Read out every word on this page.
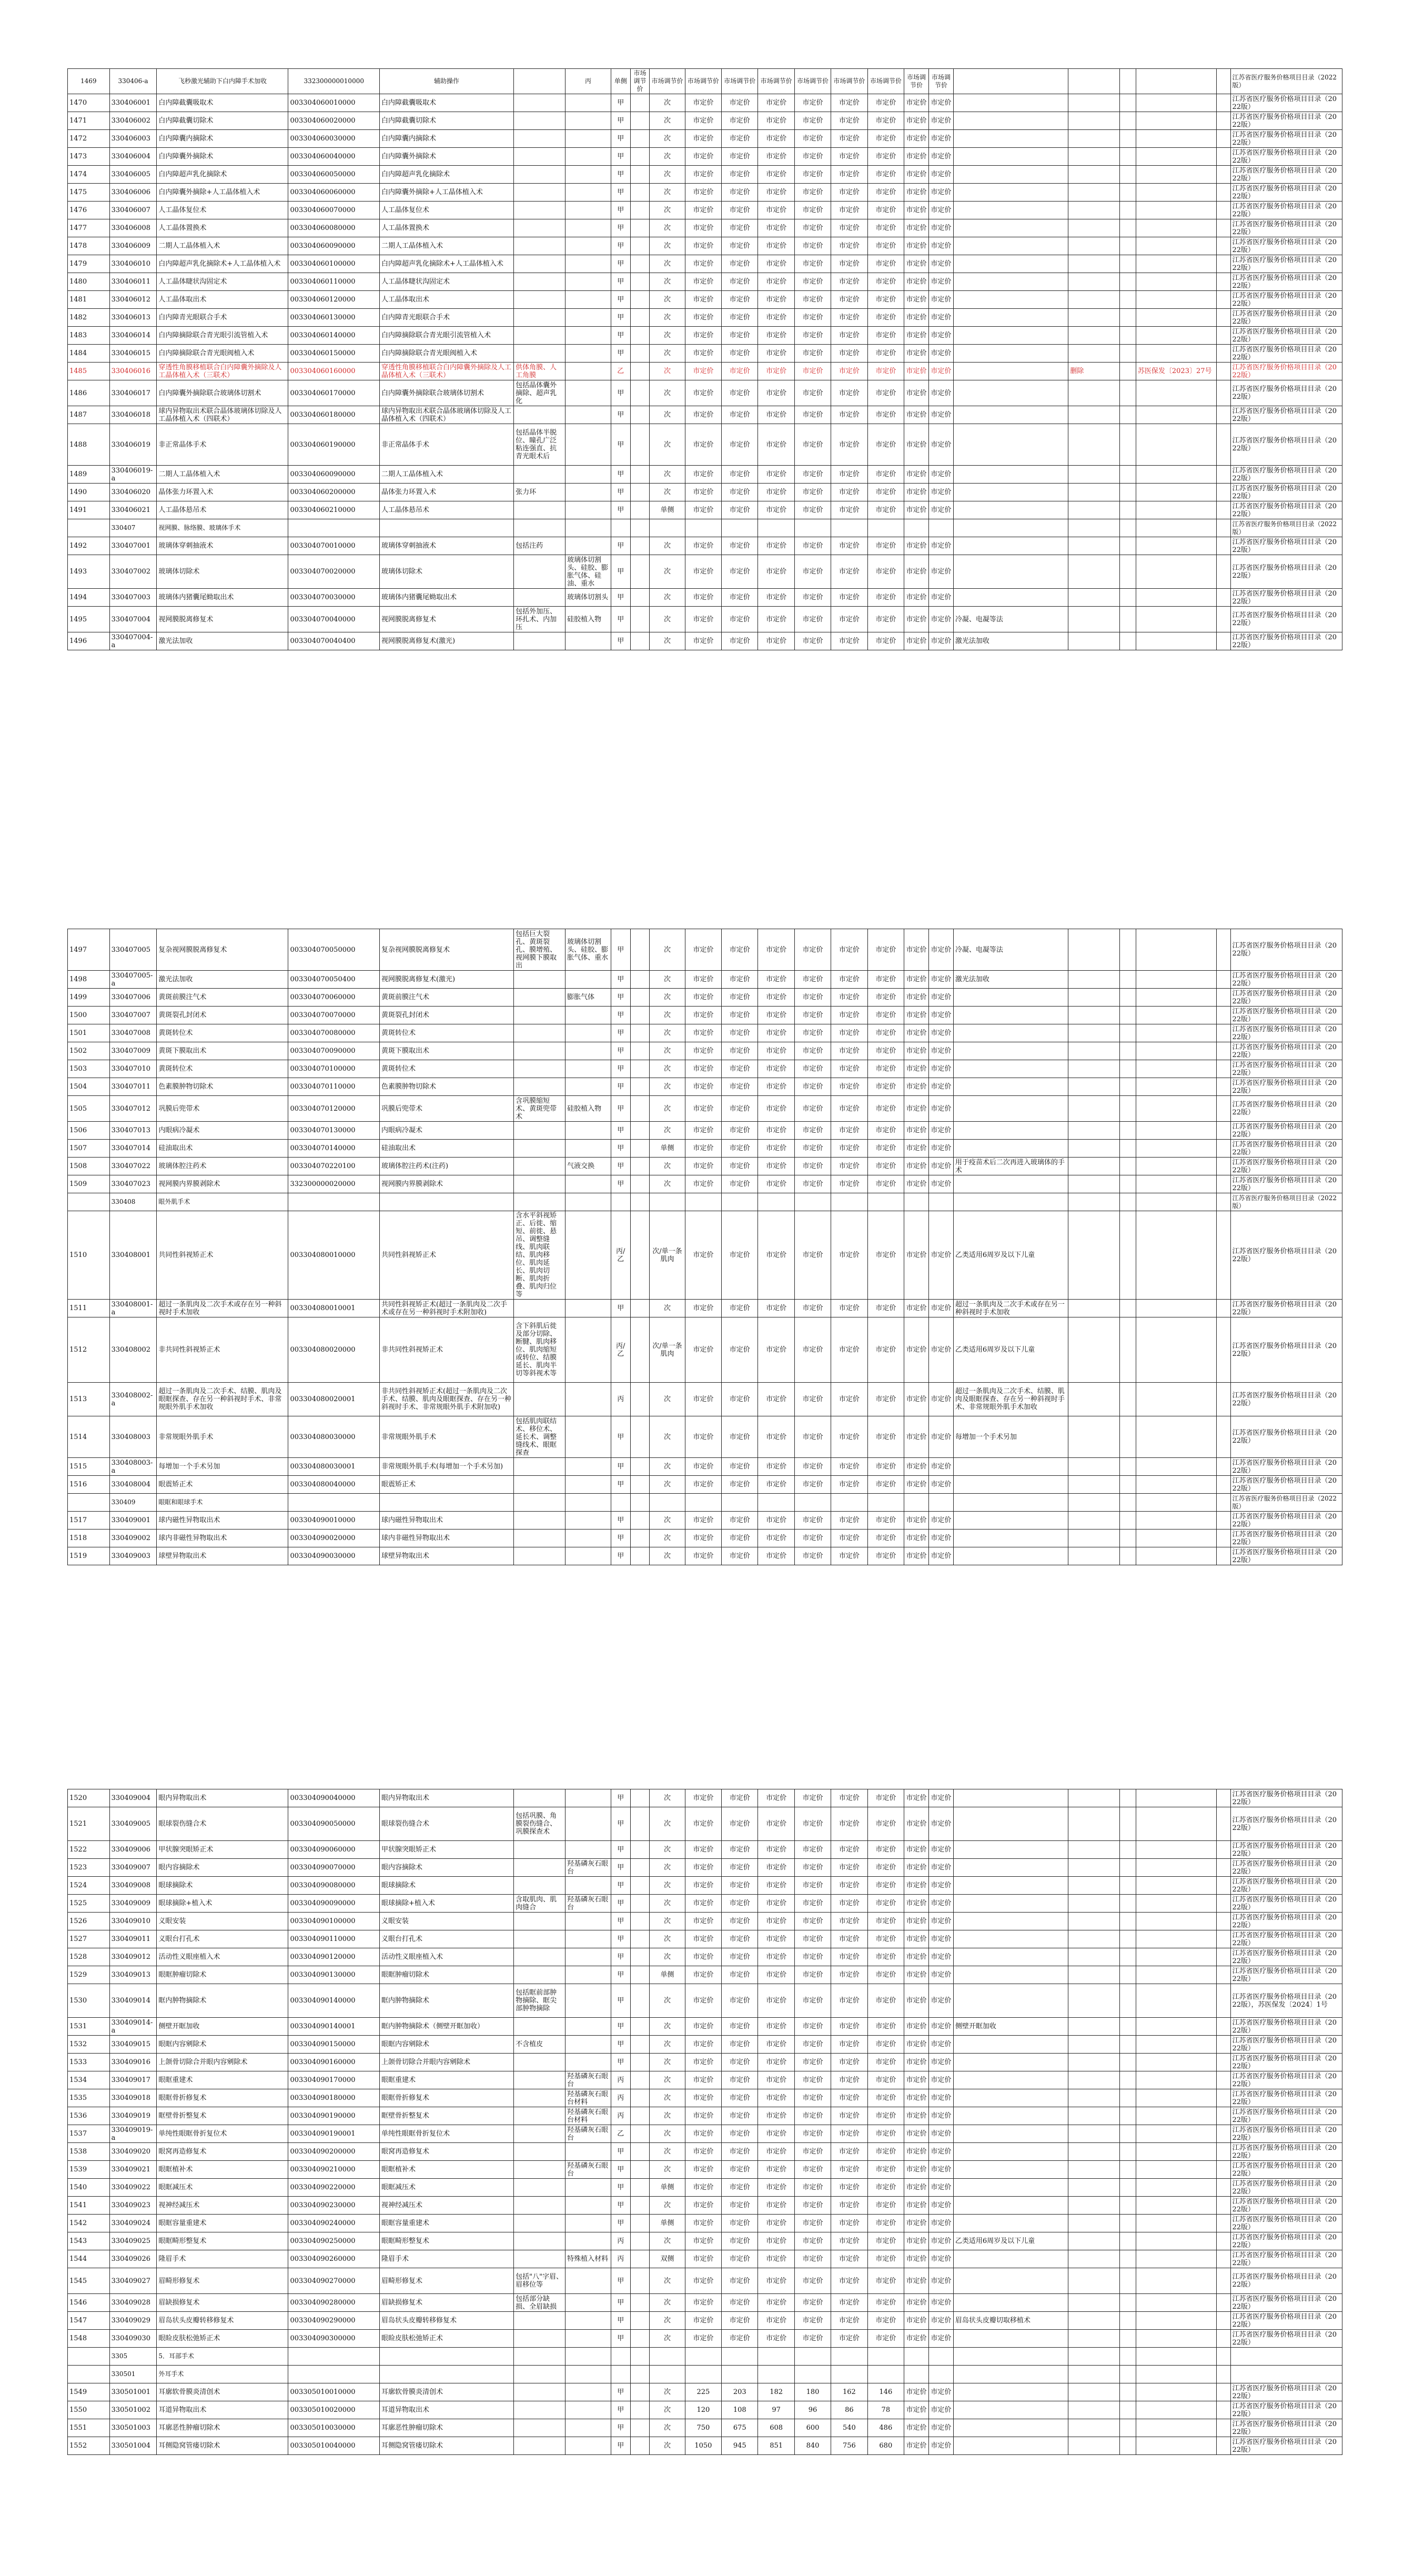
1469	330406-a	飞秒激光辅助下白内障手术加收	332300000010000	辅助操作		丙	单侧	市场调节价	市场调节价	市场调节价	市场调节价	市场调节价	市场调节价	市场调节价	市场调节价	市场调节价	市场调节价						江苏省医疗服务价格项目目录（2022版）
1470	330406001	白内障截囊吸取术	003304060010000	白内障截囊吸取术			甲		次	市定价	市定价	市定价	市定价	市定价	市定价	市定价	市定价						江苏省医疗服务价格项目目录（2022版）
1471	330406002	白内障截囊切除术	003304060020000	白内障截囊切除术			甲		次	市定价	市定价	市定价	市定价	市定价	市定价	市定价	市定价						江苏省医疗服务价格项目目录（2022版）
1472	330406003	白内障囊内摘除术	003304060030000	白内障囊内摘除术			甲		次	市定价	市定价	市定价	市定价	市定价	市定价	市定价	市定价						江苏省医疗服务价格项目目录（2022版）
1473	330406004	白内障囊外摘除术	003304060040000	白内障囊外摘除术			甲		次	市定价	市定价	市定价	市定价	市定价	市定价	市定价	市定价						江苏省医疗服务价格项目目录（2022版）
1474	330406005	白内障超声乳化摘除术	003304060050000	白内障超声乳化摘除术			甲		次	市定价	市定价	市定价	市定价	市定价	市定价	市定价	市定价						江苏省医疗服务价格项目目录（2022版）
1475	330406006	白内障囊外摘除+人工晶体植入术	003304060060000	白内障囊外摘除+人工晶体植入术			甲		次	市定价	市定价	市定价	市定价	市定价	市定价	市定价	市定价						江苏省医疗服务价格项目目录（2022版）
1476	330406007	人工晶体复位术	003304060070000	人工晶体复位术			甲		次	市定价	市定价	市定价	市定价	市定价	市定价	市定价	市定价						江苏省医疗服务价格项目目录（2022版）
1477	330406008	人工晶体置换术	003304060080000	人工晶体置换术			甲		次	市定价	市定价	市定价	市定价	市定价	市定价	市定价	市定价						江苏省医疗服务价格项目目录（2022版）
1478	330406009	二期人工晶体植入术	003304060090000	二期人工晶体植入术			甲		次	市定价	市定价	市定价	市定价	市定价	市定价	市定价	市定价						江苏省医疗服务价格项目目录（2022版）
1479	330406010	白内障超声乳化摘除术+人工晶体植入术	003304060100000	白内障超声乳化摘除术+人工晶体植入术			甲		次	市定价	市定价	市定价	市定价	市定价	市定价	市定价	市定价						江苏省医疗服务价格项目目录（2022版）
1480	330406011	人工晶体睫状沟固定术	003304060110000	人工晶体睫状沟固定术			甲		次	市定价	市定价	市定价	市定价	市定价	市定价	市定价	市定价						江苏省医疗服务价格项目目录（2022版）
1481	330406012	人工晶体取出术	003304060120000	人工晶体取出术			甲		次	市定价	市定价	市定价	市定价	市定价	市定价	市定价	市定价						江苏省医疗服务价格项目目录（2022版）
1482	330406013	白内障青光眼联合手术	003304060130000	白内障青光眼联合手术			甲		次	市定价	市定价	市定价	市定价	市定价	市定价	市定价	市定价						江苏省医疗服务价格项目目录（2022版）
1483	330406014	白内障摘除联合青光眼引流管植入术	003304060140000	白内障摘除联合青光眼引流管植入术			甲		次	市定价	市定价	市定价	市定价	市定价	市定价	市定价	市定价						江苏省医疗服务价格项目目录（2022版）
1484	330406015	白内障摘除联合青光眼阀植入术	003304060150000	白内障摘除联合青光眼阀植入术			甲		次	市定价	市定价	市定价	市定价	市定价	市定价	市定价	市定价						江苏省医疗服务价格项目目录（2022版）
1485	330406016	穿透性角膜移植联合白内障囊外摘除及人工晶体植入术（三联术）	003304060160000	穿透性角膜移植联合白内障囊外摘除及人工晶体植入术（三联术）	供体角膜、人工角膜		乙		次	市定价	市定价	市定价	市定价	市定价	市定价	市定价	市定价		删除		苏医保发〔2023〕27号		江苏省医疗服务价格项目目录（2022版）
1486	330406017	白内障囊外摘除联合玻璃体切割术	003304060170000	白内障囊外摘除联合玻璃体切割术	包括晶体囊外摘除、超声乳化		甲		次	市定价	市定价	市定价	市定价	市定价	市定价	市定价	市定价						江苏省医疗服务价格项目目录（2022版）
1487	330406018	球内异物取出术联合晶体玻璃体切除及人工晶体植入术（四联术）	003304060180000	球内异物取出术联合晶体玻璃体切除及人工晶体植入术（四联术）			甲		次	市定价	市定价	市定价	市定价	市定价	市定价	市定价	市定价						江苏省医疗服务价格项目目录（2022版）
1488	330406019	非正常晶体手术	003304060190000	非正常晶体手术	包括晶体半脱位、瞳孔广泛粘连强直、抗青光眼术后		甲		次	市定价	市定价	市定价	市定价	市定价	市定价	市定价	市定价						江苏省医疗服务价格项目目录（2022版）
1489	330406019-a	二期人工晶体植入术	003304060090000	二期人工晶体植入术			甲		次	市定价	市定价	市定价	市定价	市定价	市定价	市定价	市定价						江苏省医疗服务价格项目目录（2022版）
1490	330406020	晶体张力环置入术	003304060200000	晶体张力环置入术	张力环		甲		次	市定价	市定价	市定价	市定价	市定价	市定价	市定价	市定价						江苏省医疗服务价格项目目录（2022版）
1491	330406021	人工晶体悬吊术	003304060210000	人工晶体悬吊术			甲		单侧	市定价	市定价	市定价	市定价	市定价	市定价	市定价	市定价						江苏省医疗服务价格项目目录（2022版）
	330407	视网膜、脉络膜、玻璃体手术																					江苏省医疗服务价格项目目录（2022版）
1492	330407001	玻璃体穿刺抽液术	003304070010000	玻璃体穿刺抽液术	包括注药		甲		次	市定价	市定价	市定价	市定价	市定价	市定价	市定价	市定价						江苏省医疗服务价格项目目录（2022版）
1493	330407002	玻璃体切除术	003304070020000	玻璃体切除术		玻璃体切割头、硅胶、膨胀气体、硅油、重水	甲		次	市定价	市定价	市定价	市定价	市定价	市定价	市定价	市定价						江苏省医疗服务价格项目目录（2022版）
1494	330407003	玻璃体内猪囊尾蚴取出术	003304070030000	玻璃体内猪囊尾蚴取出术		玻璃体切割头	甲		次	市定价	市定价	市定价	市定价	市定价	市定价	市定价	市定价						江苏省医疗服务价格项目目录（2022版）
1495	330407004	视网膜脱离修复术	003304070040000	视网膜脱离修复术	包括外加压、环扎术、内加压	硅胶植入物	甲		次	市定价	市定价	市定价	市定价	市定价	市定价	市定价	市定价	冷凝、电凝等法					江苏省医疗服务价格项目目录（2022版）
1496	330407004-a	激光法加收	003304070040400	视网膜脱离修复术(激光)			甲		次	市定价	市定价	市定价	市定价	市定价	市定价	市定价	市定价	激光法加收					江苏省医疗服务价格项目目录（2022版）
1497	330407005	复杂视网膜脱离修复术	003304070050000	复杂视网膜脱离修复术	包括巨大裂孔、黄斑裂孔、膜增殖、视网膜下膜取出	玻璃体切割头、硅胶、膨胀气体、重水	甲		次	市定价	市定价	市定价	市定价	市定价	市定价	市定价	市定价	冷凝、电凝等法					江苏省医疗服务价格项目目录（2022版）
1498	330407005-a	激光法加收	003304070050400	视网膜脱离修复术(激光)			甲		次	市定价	市定价	市定价	市定价	市定价	市定价	市定价	市定价	激光法加收					江苏省医疗服务价格项目目录（2022版）
1499	330407006	黄斑前膜注气术	003304070060000	黄斑前膜注气术		膨胀气体	甲		次	市定价	市定价	市定价	市定价	市定价	市定价	市定价	市定价						江苏省医疗服务价格项目目录（2022版）
1500	330407007	黄斑裂孔封闭术	003304070070000	黄斑裂孔封闭术			甲		次	市定价	市定价	市定价	市定价	市定价	市定价	市定价	市定价						江苏省医疗服务价格项目目录（2022版）
1501	330407008	黄斑转位术	003304070080000	黄斑转位术			甲		次	市定价	市定价	市定价	市定价	市定价	市定价	市定价	市定价						江苏省医疗服务价格项目目录（2022版）
1502	330407009	黄斑下膜取出术	003304070090000	黄斑下膜取出术			甲		次	市定价	市定价	市定价	市定价	市定价	市定价	市定价	市定价						江苏省医疗服务价格项目目录（2022版）
1503	330407010	黄斑转位术	003304070100000	黄斑转位术			甲		次	市定价	市定价	市定价	市定价	市定价	市定价	市定价	市定价						江苏省医疗服务价格项目目录（2022版）
1504	330407011	色素膜肿物切除术	003304070110000	色素膜肿物切除术			甲		次	市定价	市定价	市定价	市定价	市定价	市定价	市定价	市定价						江苏省医疗服务价格项目目录（2022版）
1505	330407012	巩膜后兜带术	003304070120000	巩膜后兜带术	含巩膜缩短术、黄斑兜带术	硅胶植入物	甲		次	市定价	市定价	市定价	市定价	市定价	市定价	市定价	市定价						江苏省医疗服务价格项目目录（2022版）
1506	330407013	内眼病冷凝术	003304070130000	内眼病冷凝术			甲		次	市定价	市定价	市定价	市定价	市定价	市定价	市定价	市定价						江苏省医疗服务价格项目目录（2022版）
1507	330407014	硅油取出术	003304070140000	硅油取出术			甲		单侧	市定价	市定价	市定价	市定价	市定价	市定价	市定价	市定价						江苏省医疗服务价格项目目录（2022版）
1508	330407022	玻璃体腔注药术	003304070220100	玻璃体腔注药术(注药)		气液交换	甲		次	市定价	市定价	市定价	市定价	市定价	市定价	市定价	市定价	用于疫苗术后二次再进入玻璃体的手术					江苏省医疗服务价格项目目录（2022版）
1509	330407023	视网膜内界膜剥除术	332300000020000	视网膜内界膜剥除术			甲		次	市定价	市定价	市定价	市定价	市定价	市定价	市定价	市定价						江苏省医疗服务价格项目目录（2022版）
	330408	眼外肌手术																					江苏省医疗服务价格项目目录（2022版）
1510	330408001	共同性斜视矫正术	003304080010000	共同性斜视矫正术	含水平斜视矫正、后徙、缩短、前徙、悬吊、调整缝线、肌肉联结、肌肉移位、肌肉延长、肌肉切断、肌肉折叠、肌肉归位等		丙/乙		次/单一条肌肉	市定价	市定价	市定价	市定价	市定价	市定价	市定价	市定价	乙类适用6周岁及以下儿童					江苏省医疗服务价格项目目录（2022版）
1511	330408001-a	超过一条肌肉及二次手术或存在另一种斜视时手术加收	003304080010001	共同性斜视矫正术(超过一条肌肉及二次手术或存在另一种斜视时手术附加收)			甲		次	市定价	市定价	市定价	市定价	市定价	市定价	市定价	市定价	超过一条肌肉及二次手术或存在另一种斜视时手术加收					江苏省医疗服务价格项目目录（2022版）
1512	330408002	非共同性斜视矫正术	003304080020000	非共同性斜视矫正术	含下斜肌后徙及部分切除、断腱、肌肉移位、肌肉缩短或转位、结膜延长、肌肉半切等斜视术等		丙/乙		次/单一条肌肉	市定价	市定价	市定价	市定价	市定价	市定价	市定价	市定价	乙类适用6周岁及以下儿童					江苏省医疗服务价格项目目录（2022版）
1513	330408002-a	超过一条肌肉及二次手术、结膜、肌肉及眼眶探查、存在另一种斜视时手术、非常规眼外肌手术加收	003304080020001	非共同性斜视矫正术(超过一条肌肉及二次手术、结膜、肌肉及眼眶探查、存在另一种斜视时手术、非常规眼外肌手术附加收)			丙		次	市定价	市定价	市定价	市定价	市定价	市定价	市定价	市定价	超过一条肌肉及二次手术、结膜、肌肉及眼眶探查、存在另一种斜视时手术、非常规眼外肌手术加收					江苏省医疗服务价格项目目录（2022版）
1514	330408003	非常规眼外肌手术	003304080030000	非常规眼外肌手术	包括肌肉联结术、移位术、延长术、调整缝线术、眼眶探查		甲		次	市定价	市定价	市定价	市定价	市定价	市定价	市定价	市定价	每增加一个手术另加					江苏省医疗服务价格项目目录（2022版）
1515	330408003-a	每增加一个手术另加	003304080030001	非常规眼外肌手术(每增加一个手术另加)			甲		次	市定价	市定价	市定价	市定价	市定价	市定价	市定价	市定价						江苏省医疗服务价格项目目录（2022版）
1516	330408004	眼震矫正术	003304080040000	眼震矫正术			甲		次	市定价	市定价	市定价	市定价	市定价	市定价	市定价	市定价						江苏省医疗服务价格项目目录（2022版）
	330409	眼眶和眼球手术																					江苏省医疗服务价格项目目录（2022版）
1517	330409001	球内磁性异物取出术	003304090010000	球内磁性异物取出术			甲		次	市定价	市定价	市定价	市定价	市定价	市定价	市定价	市定价						江苏省医疗服务价格项目目录（2022版）
1518	330409002	球内非磁性异物取出术	003304090020000	球内非磁性异物取出术			甲		次	市定价	市定价	市定价	市定价	市定价	市定价	市定价	市定价						江苏省医疗服务价格项目目录（2022版）
1519	330409003	球壁异物取出术	003304090030000	球壁异物取出术			甲		次	市定价	市定价	市定价	市定价	市定价	市定价	市定价	市定价						江苏省医疗服务价格项目目录（2022版）
1520	330409004	眼内异物取出术	003304090040000	眼内异物取出术			甲		次	市定价	市定价	市定价	市定价	市定价	市定价	市定价	市定价						江苏省医疗服务价格项目目录（2022版）
1521	330409005	眼球裂伤缝合术	003304090050000	眼球裂伤缝合术	包括巩膜、角膜裂伤缝合、巩膜探查术		甲		次	市定价	市定价	市定价	市定价	市定价	市定价	市定价	市定价						江苏省医疗服务价格项目目录（2022版）
1522	330409006	甲状腺突眼矫正术	003304090060000	甲状腺突眼矫正术			甲		次	市定价	市定价	市定价	市定价	市定价	市定价	市定价	市定价						江苏省医疗服务价格项目目录（2022版）
1523	330409007	眼内容摘除术	003304090070000	眼内容摘除术		羟基磷灰石眼台	甲		次	市定价	市定价	市定价	市定价	市定价	市定价	市定价	市定价						江苏省医疗服务价格项目目录（2022版）
1524	330409008	眼球摘除术	003304090080000	眼球摘除术			甲		次	市定价	市定价	市定价	市定价	市定价	市定价	市定价	市定价						江苏省医疗服务价格项目目录（2022版）
1525	330409009	眼球摘除+植入术	003304090090000	眼球摘除+植入术	含取肌肉、肌肉缝合	羟基磷灰石眼台	甲		次	市定价	市定价	市定价	市定价	市定价	市定价	市定价	市定价						江苏省医疗服务价格项目目录（2022版）
1526	330409010	义眼安装	003304090100000	义眼安装			甲		次	市定价	市定价	市定价	市定价	市定价	市定价	市定价	市定价						江苏省医疗服务价格项目目录（2022版）
1527	330409011	义眼台打孔术	003304090110000	义眼台打孔术			甲		次	市定价	市定价	市定价	市定价	市定价	市定价	市定价	市定价						江苏省医疗服务价格项目目录（2022版）
1528	330409012	活动性义眼座植入术	003304090120000	活动性义眼座植入术			甲		次	市定价	市定价	市定价	市定价	市定价	市定价	市定价	市定价						江苏省医疗服务价格项目目录（2022版）
1529	330409013	眼眶肿瘤切除术	003304090130000	眼眶肿瘤切除术			甲		单侧	市定价	市定价	市定价	市定价	市定价	市定价	市定价	市定价						江苏省医疗服务价格项目目录（2022版）
1530	330409014	眶内肿物摘除术	003304090140000	眶内肿物摘除术	包括眶前部肿物摘除、眶尖部肿物摘除		甲		次	市定价	市定价	市定价	市定价	市定价	市定价	市定价	市定价						江苏省医疗服务价格项目目录（2022版），苏医保发〔2024〕1号
1531	330409014-a	侧壁开眶加收	003304090140001	眶内肿物摘除术（侧壁开眶加收）			甲		次	市定价	市定价	市定价	市定价	市定价	市定价	市定价	市定价	侧壁开眶加收					江苏省医疗服务价格项目目录（2022版）
1532	330409015	眼眶内容剜除术	003304090150000	眼眶内容剜除术	不含植皮		甲		次	市定价	市定价	市定价	市定价	市定价	市定价	市定价	市定价						江苏省医疗服务价格项目目录（2022版）
1533	330409016	上颌骨切除合并眼内容剜除术	003304090160000	上颌骨切除合并眼内容剜除术			甲		次	市定价	市定价	市定价	市定价	市定价	市定价	市定价	市定价						江苏省医疗服务价格项目目录（2022版）
1534	330409017	眼眶重建术	003304090170000	眼眶重建术		羟基磷灰石眼台	丙		次	市定价	市定价	市定价	市定价	市定价	市定价	市定价	市定价						江苏省医疗服务价格项目目录（2022版）
1535	330409018	眼眶骨折修复术	003304090180000	眼眶骨折修复术		羟基磷灰石眼台材料	丙		次	市定价	市定价	市定价	市定价	市定价	市定价	市定价	市定价						江苏省医疗服务价格项目目录（2022版）
1536	330409019	眶壁骨折整复术	003304090190000	眶壁骨折整复术		羟基磷灰石眼台材料	丙		次	市定价	市定价	市定价	市定价	市定价	市定价	市定价	市定价						江苏省医疗服务价格项目目录（2022版）
1537	330409019-a	单纯性眼眶骨折复位术	003304090190001	单纯性眼眶骨折复位术		羟基磷灰石眼台	乙		次	市定价	市定价	市定价	市定价	市定价	市定价	市定价	市定价						江苏省医疗服务价格项目目录（2022版）
1538	330409020	眼窝再造修复术	003304090200000	眼窝再造修复术			甲		次	市定价	市定价	市定价	市定价	市定价	市定价	市定价	市定价						江苏省医疗服务价格项目目录（2022版）
1539	330409021	眼眶植补术	003304090210000	眼眶植补术		羟基磷灰石眼台	甲		次	市定价	市定价	市定价	市定价	市定价	市定价	市定价	市定价						江苏省医疗服务价格项目目录（2022版）
1540	330409022	眼眶减压术	003304090220000	眼眶减压术			甲		单侧	市定价	市定价	市定价	市定价	市定价	市定价	市定价	市定价						江苏省医疗服务价格项目目录（2022版）
1541	330409023	视神经减压术	003304090230000	视神经减压术			甲		次	市定价	市定价	市定价	市定价	市定价	市定价	市定价	市定价						江苏省医疗服务价格项目目录（2022版）
1542	330409024	眼眶容量重建术	003304090240000	眼眶容量重建术			甲		单侧	市定价	市定价	市定价	市定价	市定价	市定价	市定价	市定价						江苏省医疗服务价格项目目录（2022版）
1543	330409025	眼眶畸形整复术	003304090250000	眼眶畸形整复术			丙		次	市定价	市定价	市定价	市定价	市定价	市定价	市定价	市定价	乙类适用6周岁及以下儿童					江苏省医疗服务价格项目目录（2022版）
1544	330409026	隆眉手术	003304090260000	隆眉手术		特殊植入材料	丙		双侧	市定价	市定价	市定价	市定价	市定价	市定价	市定价	市定价						江苏省医疗服务价格项目目录（2022版）
1545	330409027	眉畸形修复术	003304090270000	眉畸形修复术	包括"八"字眉、眉移位等		甲		次	市定价	市定价	市定价	市定价	市定价	市定价	市定价	市定价						江苏省医疗服务价格项目目录（2022版）
1546	330409028	眉缺损修复术	003304090280000	眉缺损修复术	包括部分缺损、全眉缺损		甲		次	市定价	市定价	市定价	市定价	市定价	市定价	市定价	市定价						江苏省医疗服务价格项目目录（2022版）
1547	330409029	眉岛状头皮瓣转移修复术	003304090290000	眉岛状头皮瓣转移修复术			甲		次	市定价	市定价	市定价	市定价	市定价	市定价	市定价	市定价	眉岛状头皮瓣切取移植术					江苏省医疗服务价格项目目录（2022版）
1548	330409030	眼睑皮肤松弛矫正术	003304090300000	眼睑皮肤松弛矫正术			甲		次	市定价	市定价	市定价	市定价	市定价	市定价	市定价	市定价						江苏省医疗服务价格项目目录（2022版）
	3305	5．耳部手术																					
	330501	外耳手术																					
1549	330501001	耳廓软骨膜炎清创术	003305010010000	耳廓软骨膜炎清创术			甲		次	225	203	182	180	162	146	市定价	市定价						江苏省医疗服务价格项目目录（2022版）
1550	330501002	耳道异物取出术	003305010020000	耳道异物取出术			甲		次	120	108	97	96	86	78	市定价	市定价						江苏省医疗服务价格项目目录（2022版）
1551	330501003	耳廓恶性肿瘤切除术	003305010030000	耳廓恶性肿瘤切除术			甲		次	750	675	608	600	540	486	市定价	市定价						江苏省医疗服务价格项目目录（2022版）
1552	330501004	耳侧隐窝管瘘切除术	003305010040000	耳侧隐窝管瘘切除术			甲		次	1050	945	851	840	756	680	市定价	市定价						江苏省医疗服务价格项目目录（2022版）
